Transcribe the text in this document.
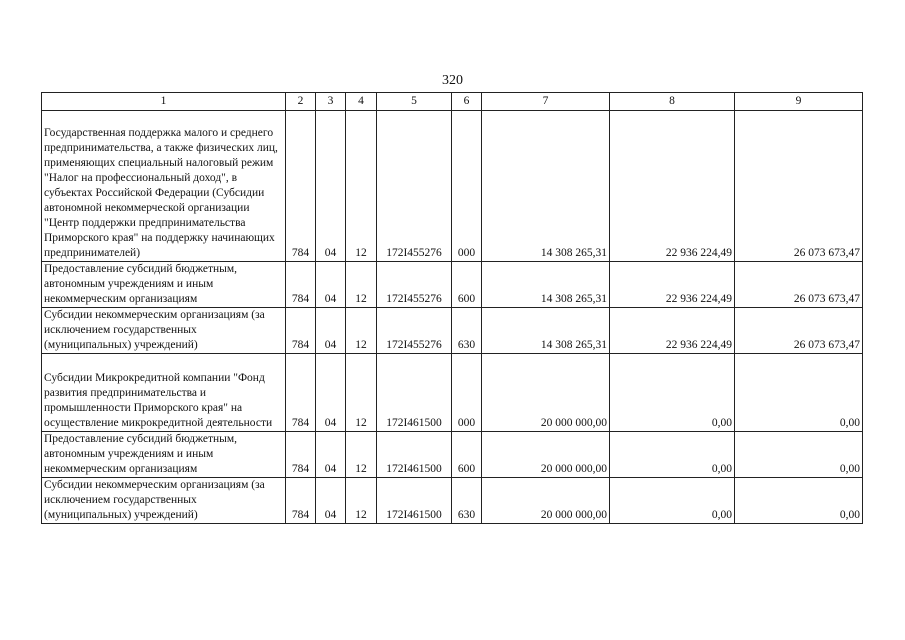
320
1	2	3	4	5	6	7	8	9
Государственная поддержка малого и среднего предпринимательства, а также физических лиц, применяющих специальный налоговый режим "Налог на профессиональный доход", в субъектах Российской Федерации (Субсидии автономной некоммерческой организации "Центр поддержки предпринимательства Приморского края" на поддержку начинающих предпринимателей)	784	04	12	172I455276	000	14 308 265,31	22 936 224,49	26 073 673,47
Предоставление субсидий бюджетным, автономным учреждениям и иным некоммерческим организациям	784	04	12	172I455276	600	14 308 265,31	22 936 224,49	26 073 673,47
Субсидии некоммерческим организациям (за исключением государственных (муниципальных) учреждений)	784	04	12	172I455276	630	14 308 265,31	22 936 224,49	26 073 673,47
Субсидии Микрокредитной компании "Фонд развития предпринимательства и промышленности Приморского края" на осуществление микрокредитной деятельности	784	04	12	172I461500	000	20 000 000,00	0,00	0,00
Предоставление субсидий бюджетным, автономным учреждениям и иным некоммерческим организациям	784	04	12	172I461500	600	20 000 000,00	0,00	0,00
Субсидии некоммерческим организациям (за исключением государственных (муниципальных) учреждений)	784	04	12	172I461500	630	20 000 000,00	0,00	0,00
